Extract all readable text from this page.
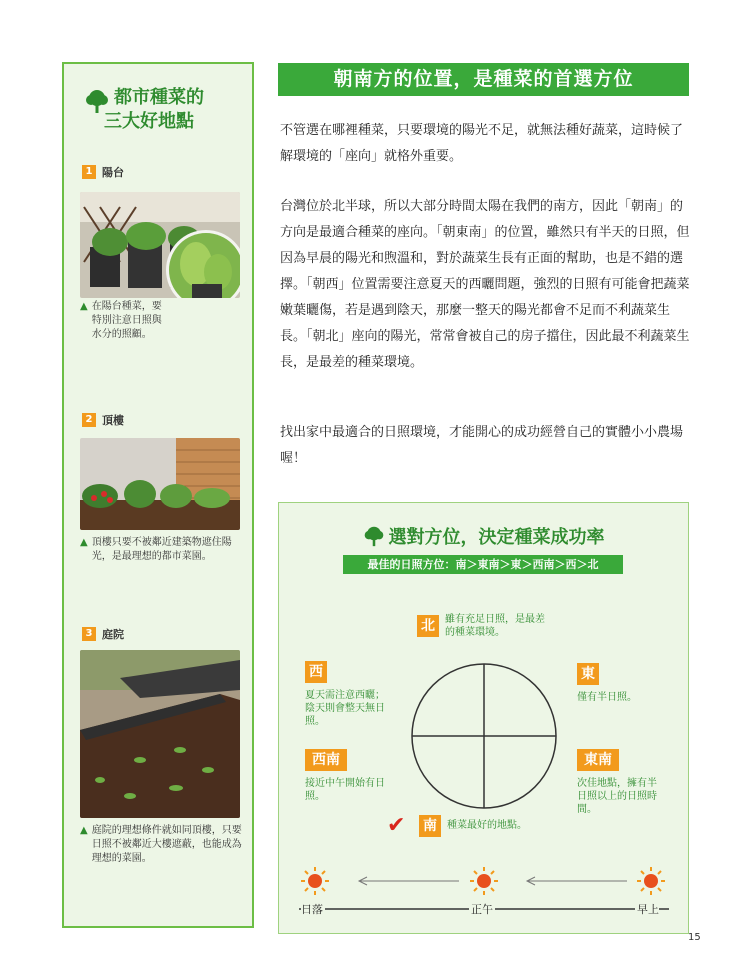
都市種菜的
三大好地點
1 陽台
▲ 在陽台種菜，要特別注意日照與水分的照顧。
2 頂樓
▲ 頂樓只要不被鄰近建築物遮住陽光，是最理想的都市菜園。
3 庭院
▲ 庭院的理想條件就如同頂樓，只要日照不被鄰近大樓遮蔽，也能成為理想的菜園。
朝南方的位置，是種菜的首選方位
不管選在哪裡種菜，只要環境的陽光不足，就無法種好蔬菜，這時候了解環境的「座向」就格外重要。
台灣位於北半球，所以大部分時間太陽在我們的南方，因此「朝南」的方向是最適合種菜的座向。「朝東南」的位置，雖然只有半天的日照，但因為早晨的陽光和煦溫和，對於蔬菜生長有正面的幫助，也是不錯的選擇。「朝西」位置需要注意夏天的西曬問題，強烈的日照有可能會把蔬菜嫩葉曬傷，若是遇到陰天，那麼一整天的陽光都會不足而不利蔬菜生長。「朝北」座向的陽光，常常會被自己的房子擋住，因此最不利蔬菜生長，是最差的種菜環境。
找出家中最適合的日照環境，才能開心的成功經營自己的實體小小農場喔！
選對方位，決定種菜成功率
最佳的日照方位：南＞東南＞東＞西南＞西＞北
北	雖有充足日照，是最差的種菜環境。
西
夏天需注意西曬；陰天則會整天無日照。
東
僅有半日照。
西南
接近中午開始有日照。
東南
次佳地點，擁有半日照以上的日照時間。
✔ 南	種菜最好的地點。
日落	正午	早上
15
